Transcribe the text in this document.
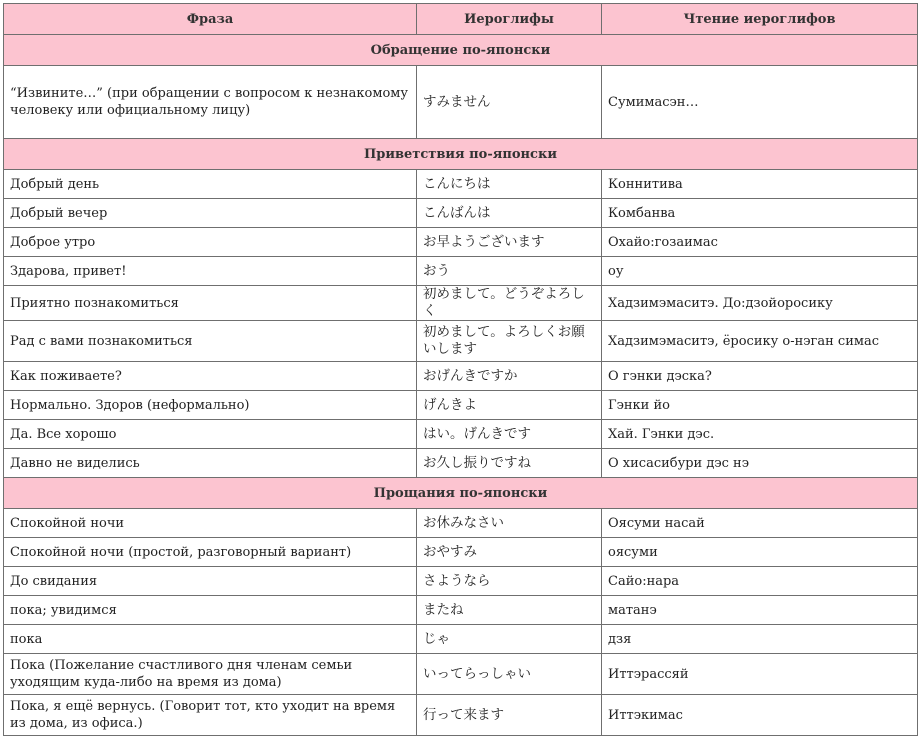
Фраза	Иероглифы	Чтение иероглифов
Обращение по-японски		
“Извините…” (при обращении с вопросом к незнакомому человеку или официальному лицу)	すみません	Сумимасэн…
Приветствия по-японски		
Добрый день	こんにちは	Коннитива
Добрый вечер	こんばんは	Комбанва
Доброе утро	お早ようございます	Охайо:гозаимас
Здарова, привет!	おう	оу
Приятно познакомиться	初めまして。どうぞよろしく	Хадзимэмаситэ. До:дзойоросику
Рад с вами познакомиться	初めまして。よろしくお願いします	Хадзимэмаситэ, ёросику о-нэган симас
Как поживаете?	おげんきですか	О гэнки дэска?
Нормально. Здоров (неформально)	げんきよ	Гэнки йо
Да. Все хорошо	はい。げんきです	Хай. Гэнки дэс.
Давно не виделись	お久し振りですね	О хисасибури дэс нэ
Прощания по-японски		
Спокойной ночи	お休みなさい	Оясуми насай
Спокойной ночи (простой, разговорный вариант)	おやすみ	оясуми
До свидания	さようなら	Сайо:нара
пока; увидимся	またね	матанэ
пока	じゃ	дзя
Пока (Пожелание счастливого дня членам семьи уходящим куда-либо на время из дома)	いってらっしゃい	Иттэрассяй
Пока, я ещё вернусь. (Говорит тот, кто уходит на время из дома, из офиса.)	行って来ます	Иттэкимас
